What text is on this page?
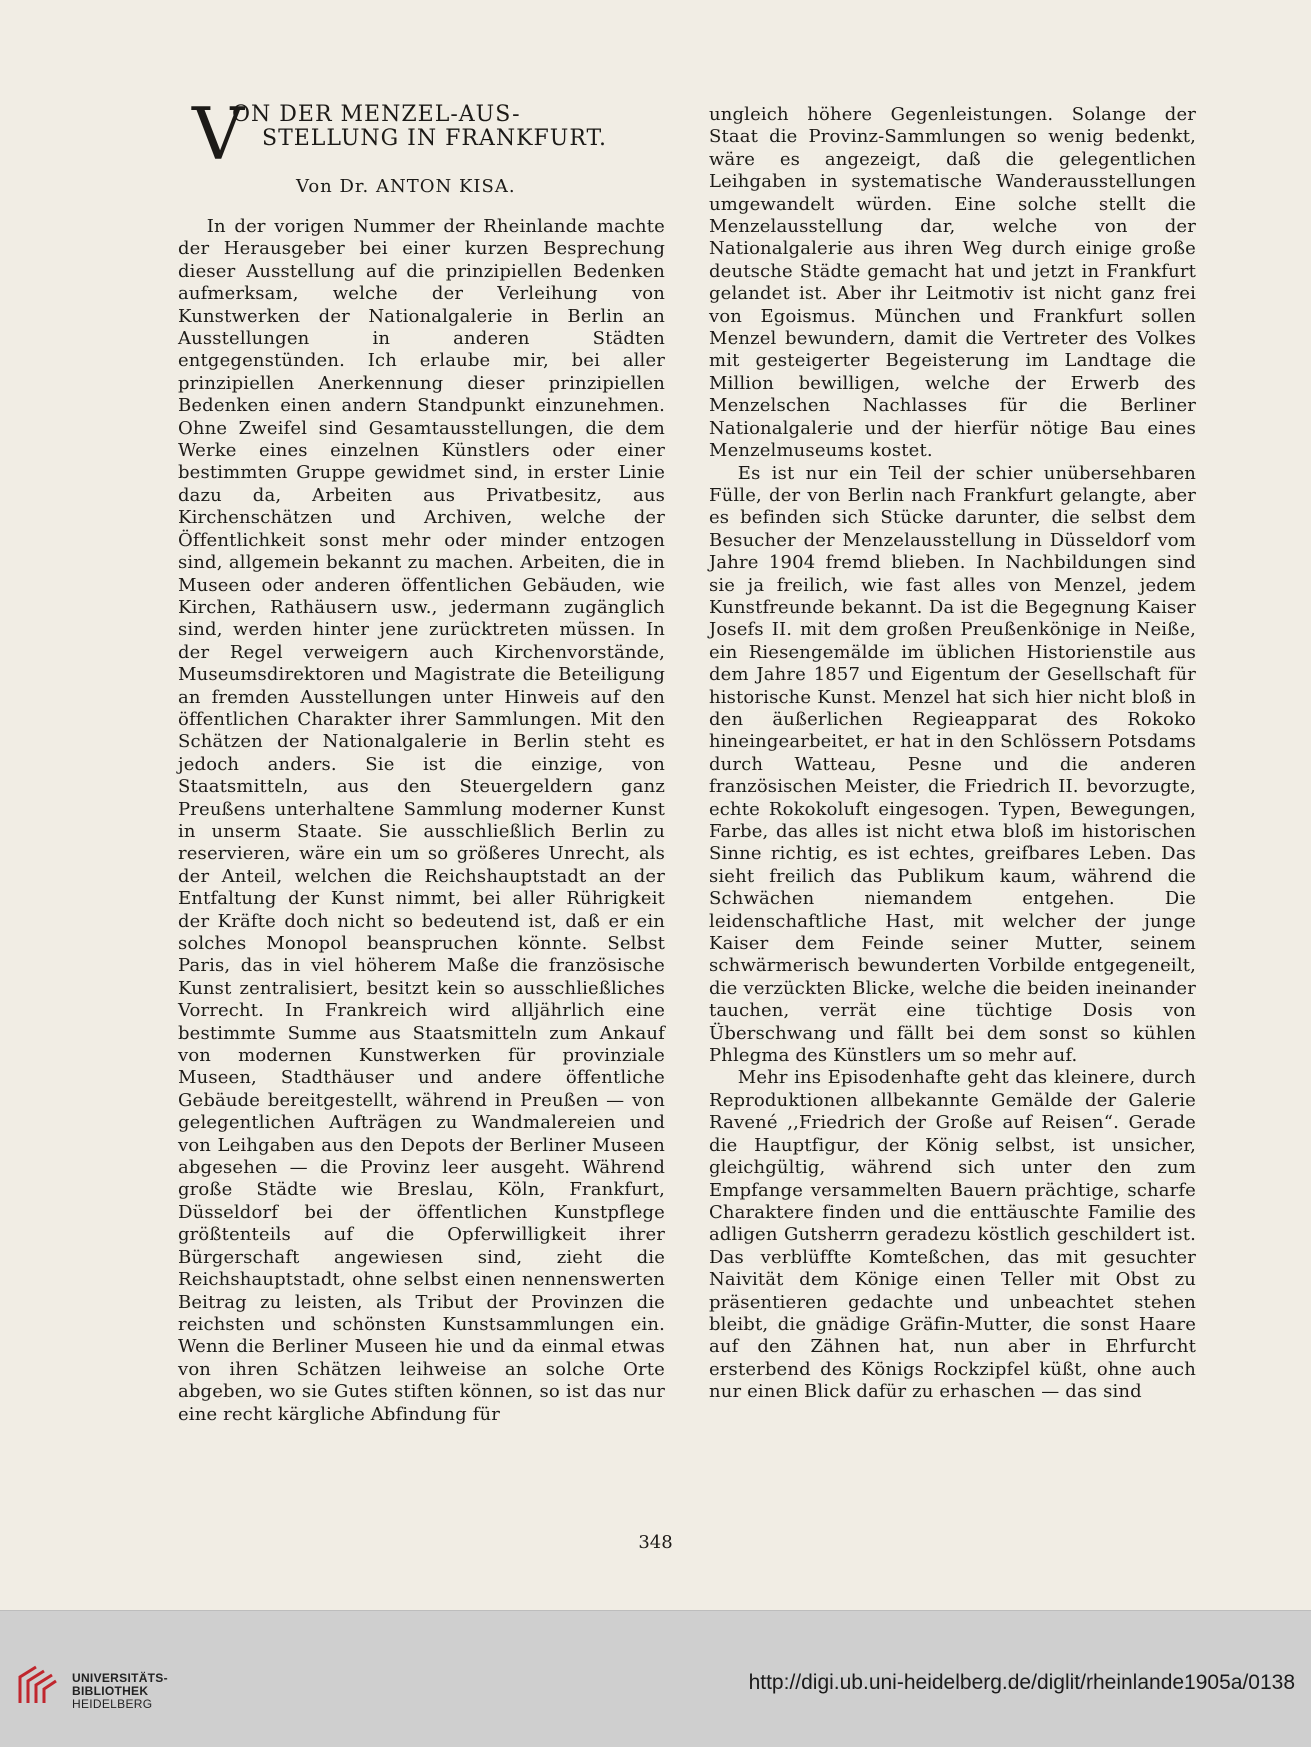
V
ON DER MENZEL-AUS-
STELLUNG IN FRANKFURT.
Von Dr. ANTON KISA.

In der vorigen Nummer der Rheinlande machte der Herausgeber bei einer kurzen Besprechung dieser Ausstellung auf die prinzipiellen Bedenken aufmerksam, welche der Verleihung von Kunstwerken der Nationalgalerie in Berlin an Ausstellungen in anderen Städten entgegenstünden. Ich erlaube mir, bei aller prinzipiellen Anerkennung dieser prinzipiellen Bedenken einen andern Standpunkt einzunehmen. Ohne Zweifel sind Gesamtausstellungen, die dem Werke eines einzelnen Künstlers oder einer bestimmten Gruppe gewidmet sind, in erster Linie dazu da, Arbeiten aus Privatbesitz, aus Kirchenschätzen und Archiven, welche der Öffentlichkeit sonst mehr oder minder entzogen sind, allgemein bekannt zu machen. Arbeiten, die in Museen oder anderen öffentlichen Gebäuden, wie Kirchen, Rathäusern usw., jedermann zugänglich sind, werden hinter jene zurücktreten müssen. In der Regel verweigern auch Kirchenvorstände, Museumsdirektoren und Magistrate die Beteiligung an fremden Ausstellungen unter Hinweis auf den öffentlichen Charakter ihrer Sammlungen. Mit den Schätzen der Nationalgalerie in Berlin steht es jedoch anders. Sie ist die einzige, von Staatsmitteln, aus den Steuergeldern ganz Preußens unterhaltene Sammlung moderner Kunst in unserm Staate. Sie ausschließlich Berlin zu reservieren, wäre ein um so größeres Unrecht, als der Anteil, welchen die Reichshauptstadt an der Entfaltung der Kunst nimmt, bei aller Rührigkeit der Kräfte doch nicht so bedeutend ist, daß er ein solches Monopol beanspruchen könnte. Selbst Paris, das in viel höherem Maße die französische Kunst zentralisiert, besitzt kein so ausschließliches Vorrecht. In Frankreich wird alljährlich eine bestimmte Summe aus Staatsmitteln zum Ankauf von modernen Kunstwerken für provinziale Museen, Stadthäuser und andere öffentliche Gebäude bereitgestellt, während in Preußen — von gelegentlichen Aufträgen zu Wandmalereien und von Leihgaben aus den Depots der Berliner Museen abgesehen — die Provinz leer ausgeht. Während große Städte wie Breslau, Köln, Frankfurt, Düsseldorf bei der öffentlichen Kunstpflege größtenteils auf die Opferwilligkeit ihrer Bürgerschaft angewiesen sind, zieht die Reichshauptstadt, ohne selbst einen nennenswerten Beitrag zu leisten, als Tribut der Provinzen die reichsten und schönsten Kunstsammlungen ein. Wenn die Berliner Museen hie und da einmal etwas von ihren Schätzen leihweise an solche Orte abgeben, wo sie Gutes stiften können, so ist das nur eine recht kärgliche Abfindung für

ungleich höhere Gegenleistungen. Solange der Staat die Provinz-Sammlungen so wenig bedenkt, wäre es angezeigt, daß die gelegentlichen Leihgaben in systematische Wanderausstellungen umgewandelt würden. Eine solche stellt die Menzelausstellung dar, welche von der Nationalgalerie aus ihren Weg durch einige große deutsche Städte gemacht hat und jetzt in Frankfurt gelandet ist. Aber ihr Leitmotiv ist nicht ganz frei von Egoismus. München und Frankfurt sollen Menzel bewundern, damit die Vertreter des Volkes mit gesteigerter Begeisterung im Landtage die Million bewilligen, welche der Erwerb des Menzelschen Nachlasses für die Berliner Nationalgalerie und der hierfür nötige Bau eines Menzelmuseums kostet.

Es ist nur ein Teil der schier unübersehbaren Fülle, der von Berlin nach Frankfurt gelangte, aber es befinden sich Stücke darunter, die selbst dem Besucher der Menzelausstellung in Düsseldorf vom Jahre 1904 fremd blieben. In Nachbildungen sind sie ja freilich, wie fast alles von Menzel, jedem Kunstfreunde bekannt. Da ist die Begegnung Kaiser Josefs II. mit dem großen Preußenkönige in Neiße, ein Riesengemälde im üblichen Historienstile aus dem Jahre 1857 und Eigentum der Gesellschaft für historische Kunst. Menzel hat sich hier nicht bloß in den äußerlichen Regieapparat des Rokoko hineingearbeitet, er hat in den Schlössern Potsdams durch Watteau, Pesne und die anderen französischen Meister, die Friedrich II. bevorzugte, echte Rokokoluft eingesogen. Typen, Bewegungen, Farbe, das alles ist nicht etwa bloß im historischen Sinne richtig, es ist echtes, greifbares Leben. Das sieht freilich das Publikum kaum, während die Schwächen niemandem entgehen. Die leidenschaftliche Hast, mit welcher der junge Kaiser dem Feinde seiner Mutter, seinem schwärmerisch bewunderten Vorbilde entgegeneilt, die verzückten Blicke, welche die beiden ineinander tauchen, verrät eine tüchtige Dosis von Überschwang und fällt bei dem sonst so kühlen Phlegma des Künstlers um so mehr auf.

Mehr ins Episodenhafte geht das kleinere, durch Reproduktionen allbekannte Gemälde der Galerie Ravené ,,Friedrich der Große auf Reisen“. Gerade die Hauptfigur, der König selbst, ist unsicher, gleichgültig, während sich unter den zum Empfange versammelten Bauern prächtige, scharfe Charaktere finden und die enttäuschte Familie des adligen Gutsherrn geradezu köstlich geschildert ist. Das verblüffte Komteßchen, das mit gesuchter Naivität dem Könige einen Teller mit Obst zu präsentieren gedachte und unbeachtet stehen bleibt, die gnädige Gräfin-Mutter, die sonst Haare auf den Zähnen hat, nun aber in Ehrfurcht ersterbend des Königs Rockzipfel küßt, ohne auch nur einen Blick dafür zu erhaschen — das sind

348
UNIVERSITÄTS-
BIBLIOTHEK
HEIDELBERG
http://digi.ub.uni-heidelberg.de/diglit/rheinlande1905a/0138
